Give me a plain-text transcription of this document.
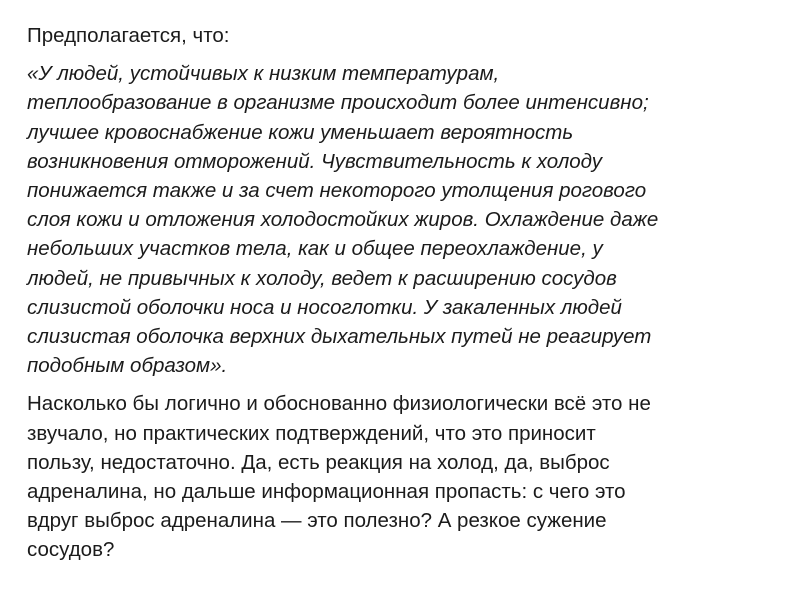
Предполагается, что:

«У людей, устойчивых к низким температурам,
теплообразование в организме происходит более интенсивно;
лучшее кровоснабжение кожи уменьшает вероятность
возникновения отморожений. Чувствительность к холоду
понижается также и за счет некоторого утолщения рогового
слоя кожи и отложения холодостойких жиров. Охлаждение даже
небольших участков тела, как и общее переохлаждение, у
людей, не привычных к холоду, ведет к расширению сосудов
слизистой оболочки носа и носоглотки. У закаленных людей
слизистая оболочка верхних дыхательных путей не реагирует
подобным образом».

Насколько бы логично и обоснованно физиологически всё это не
звучало, но практических подтверждений, что это приносит
пользу, недостаточно. Да, есть реакция на холод, да, выброс
адреналина, но дальше информационная пропасть: с чего это
вдруг выброс адреналина — это полезно? А резкое сужение
сосудов?
